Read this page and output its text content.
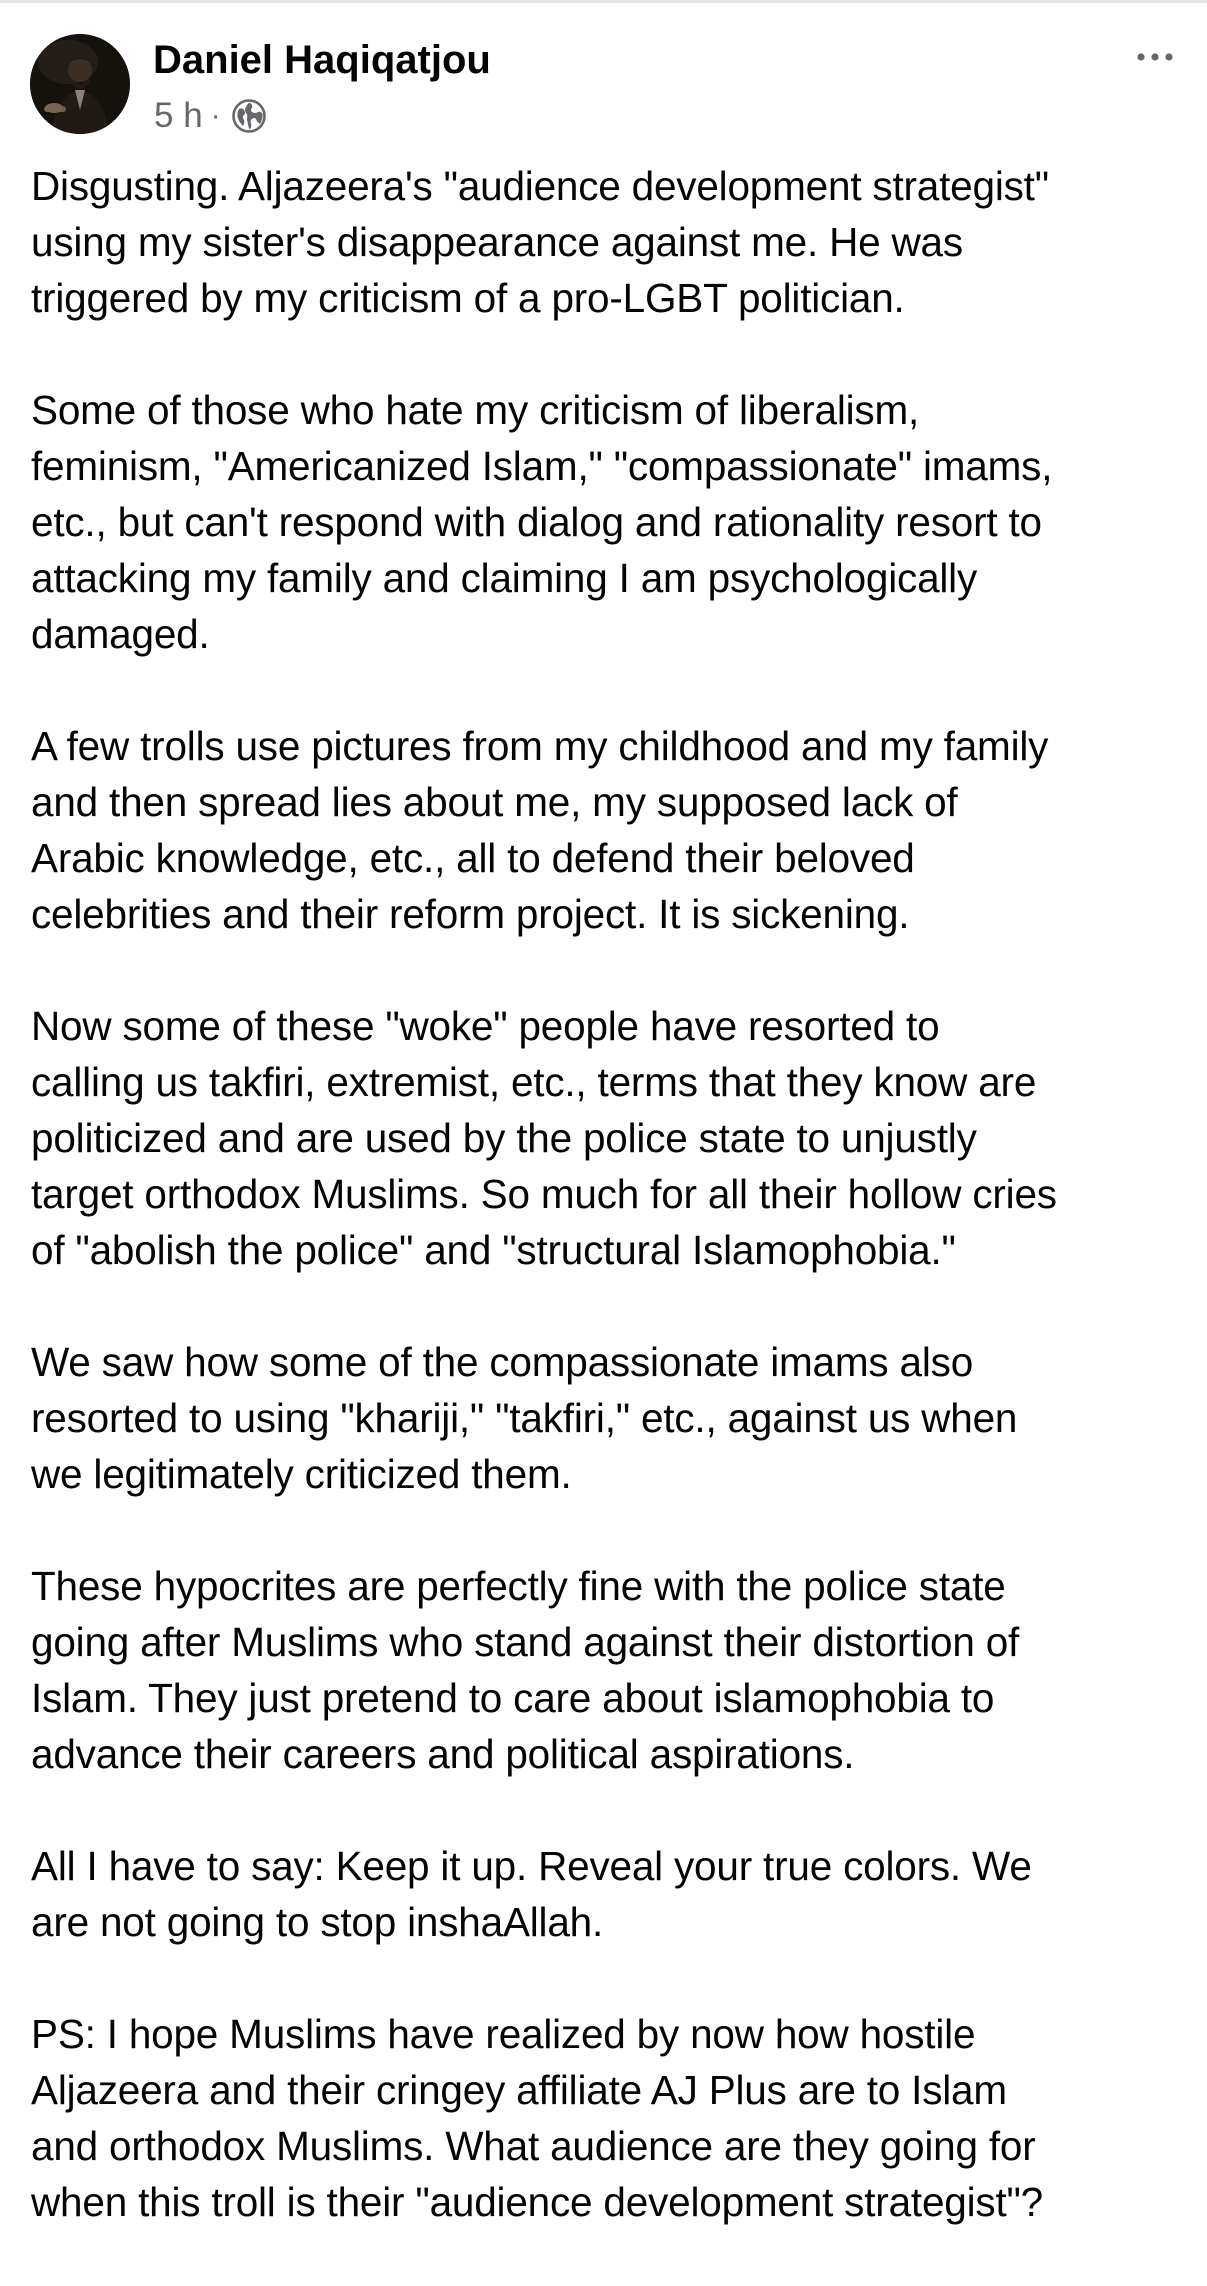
Daniel Haqiqatjou
5 h ·

Disgusting. Aljazeera's "audience development strategist"
using my sister's disappearance against me. He was
triggered by my criticism of a pro-LGBT politician.

Some of those who hate my criticism of liberalism,
feminism, "Americanized Islam," "compassionate" imams,
etc., but can't respond with dialog and rationality resort to
attacking my family and claiming I am psychologically
damaged.

A few trolls use pictures from my childhood and my family
and then spread lies about me, my supposed lack of
Arabic knowledge, etc., all to defend their beloved
celebrities and their reform project. It is sickening.

Now some of these "woke" people have resorted to
calling us takfiri, extremist, etc., terms that they know are
politicized and are used by the police state to unjustly
target orthodox Muslims. So much for all their hollow cries
of "abolish the police" and "structural Islamophobia."

We saw how some of the compassionate imams also
resorted to using "khariji," "takfiri," etc., against us when
we legitimately criticized them.

These hypocrites are perfectly fine with the police state
going after Muslims who stand against their distortion of
Islam. They just pretend to care about islamophobia to
advance their careers and political aspirations.

All I have to say: Keep it up. Reveal your true colors. We
are not going to stop inshaAllah.

PS: I hope Muslims have realized by now how hostile
Aljazeera and their cringey affiliate AJ Plus are to Islam
and orthodox Muslims. What audience are they going for
when this troll is their "audience development strategist"?
